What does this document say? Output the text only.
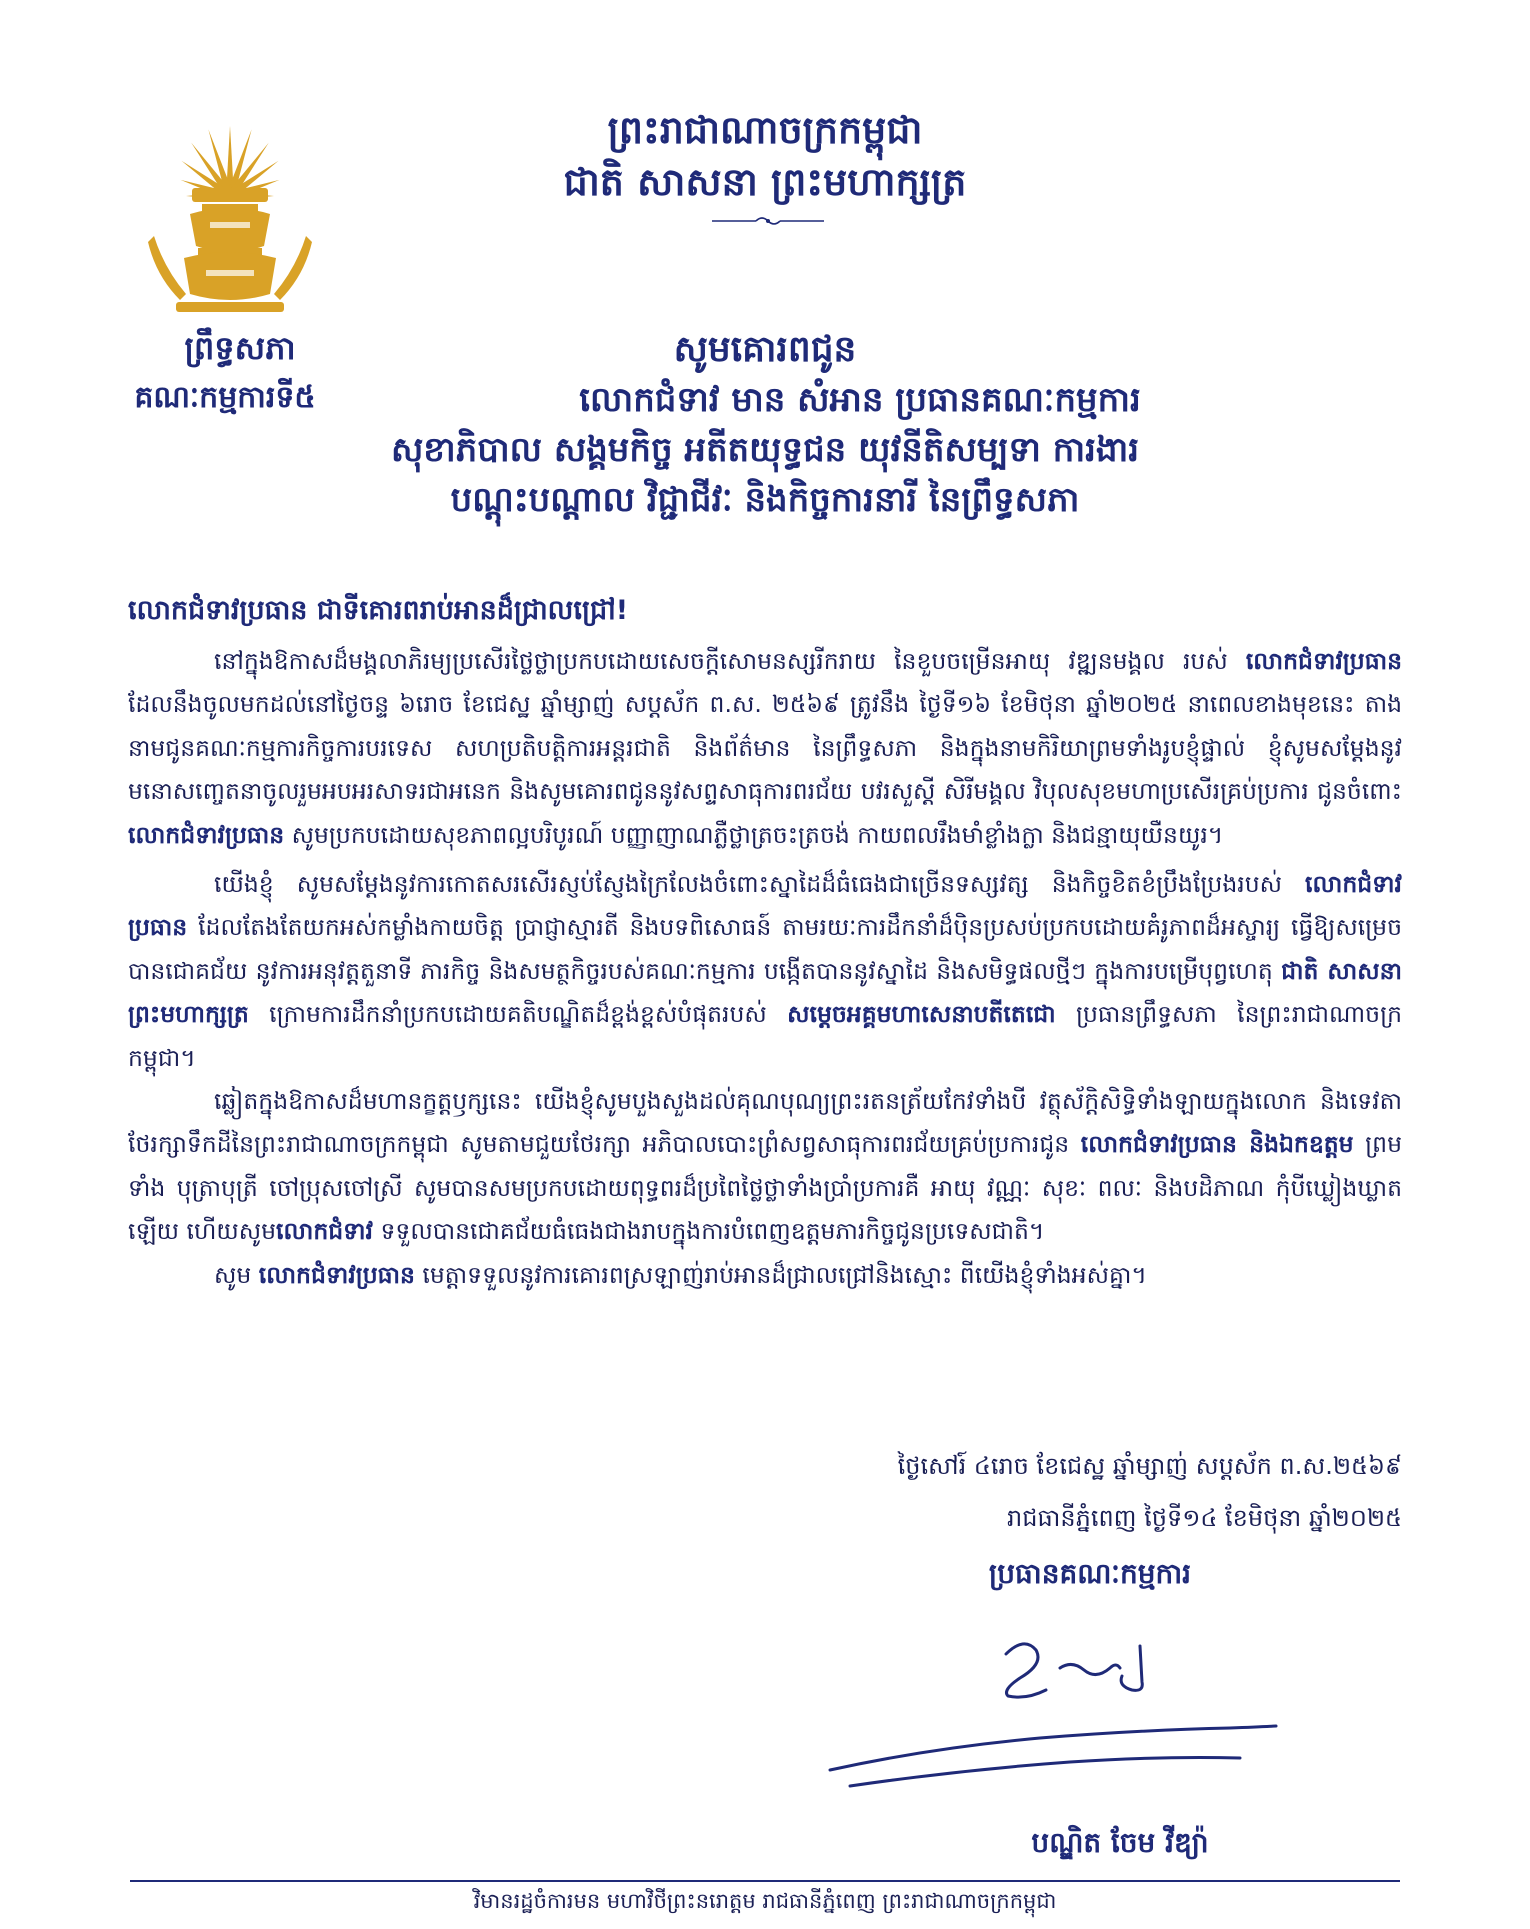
ព្រះរាជាណាចក្រកម្ពុជា
ជាតិ សាសនា ព្រះមហាក្សត្រ
ព្រឹទ្ធសភា
គណៈកម្មការទី៥
សូមគោរពជូន
លោកជំទាវ មាន សំអាន ប្រធានគណៈកម្មការ
សុខាភិបាល សង្គមកិច្ច អតីតយុទ្ធជន យុវនីតិសម្បទា ការងារ
បណ្ដុះបណ្ដាល វិជ្ជាជីវៈ និងកិច្ចការនារី នៃព្រឹទ្ធសភា
លោកជំទាវប្រធាន ជាទីគោរពរាប់អានដ៏ជ្រាលជ្រៅ!

នៅក្នុងឱកាសដ៏មង្គលាភិរម្យប្រសើរថ្លៃថ្លាប្រកបដោយសេចក្ដីសោមនស្សរីករាយ នៃខួបចម្រើនអាយុ វឌ្ឍនមង្គល របស់ លោកជំទាវប្រធាន ដែលនឹងចូលមកដល់នៅថ្ងៃចន្ទ ៦រោច ខែជេស្ឋ ឆ្នាំម្សាញ់ សប្តស័ក ព.ស. ២៥៦៩ ត្រូវនឹង ថ្ងៃទី១៦ ខែមិថុនា ឆ្នាំ២០២៥ នាពេលខាងមុខនេះ តាងនាមជូនគណៈកម្មការកិច្ចការបរទេស សហប្រតិបត្តិការអន្តរជាតិ និងព័ត៌មាន នៃព្រឹទ្ធសភា និងក្នុងនាមកិរិយាព្រមទាំងរូបខ្ញុំផ្ទាល់ ខ្ញុំសូមសម្ដែងនូវមនោសញ្ចេតនាចូលរួមអបអរសាទរជាអនេក និងសូមគោរពជូននូវសព្ទសាធុការពរជ័យ បវរសួស្តី សិរីមង្គល វិបុលសុខមហាប្រសើរគ្រប់ប្រការ ជូនចំពោះ លោកជំទាវប្រធាន សូមប្រកបដោយសុខភាពល្អបរិបូរណ៍ បញ្ញាញាណភ្លឺថ្លាត្រចះត្រចង់ កាយពលរឹងមាំខ្លាំងក្លា និងជន្មាយុយឺនយូរ។

យើងខ្ញុំ សូមសម្ដែងនូវការកោតសរសើរស្ញប់ស្ញែងក្រៃលែងចំពោះស្នាដៃដ៏ធំធេងជាច្រើនទស្សវត្ស និងកិច្ចខិតខំប្រឹងប្រែងរបស់ លោកជំទាវប្រធាន ដែលតែងតែយកអស់កម្លាំងកាយចិត្ត ប្រាជ្ញាស្មារតី និងបទពិសោធន៍ តាមរយៈការដឹកនាំដ៏ប៉ិនប្រសប់ប្រកបដោយគំរូភាពដ៏អស្ចារ្យ ធ្វើឱ្យសម្រេចបានជោគជ័យ នូវការអនុវត្តតួនាទី ភារកិច្ច និងសមត្ថកិច្ចរបស់គណៈកម្មការ បង្កើតបាននូវស្នាដៃ និងសមិទ្ធផលថ្មីៗ ក្នុងការបម្រើបុព្វហេតុ ជាតិ សាសនា ព្រះមហាក្សត្រ ក្រោមការដឹកនាំប្រកបដោយគតិបណ្ឌិតដ៏ខ្ពង់ខ្ពស់បំផុតរបស់ សម្ដេចអគ្គមហាសេនាបតីតេជោ ប្រធានព្រឹទ្ធសភា នៃព្រះរាជាណាចក្រកម្ពុជា។

ឆ្លៀតក្នុងឱកាសដ៏មហានក្ខត្តឫក្សនេះ យើងខ្ញុំសូមបួងសួងដល់គុណបុណ្យព្រះរតនត្រ័យកែវទាំងបី វត្ថុស័ក្តិសិទ្ធិទាំងឡាយក្នុងលោក និងទេវតាថែរក្សាទឹកដីនៃព្រះរាជាណាចក្រកម្ពុជា សូមតាមជួយថែរក្សា អភិបាលបោះព្រំសព្វសាធុការពរជ័យគ្រប់ប្រការជូន លោកជំទាវប្រធាន និងឯកឧត្តម ព្រមទាំង បុត្រាបុត្រី ចៅប្រុសចៅស្រី សូមបានសមប្រកបដោយពុទ្ធពរដ៏ប្រពៃថ្លៃថ្លាទាំងប្រាំប្រការគឺ អាយុ វណ្ណៈ សុខៈ ពលៈ និងបដិភាណ កុំបីឃ្លៀងឃ្លាតឡើយ ហើយសូមលោកជំទាវ ទទួលបានជោគជ័យធំធេងជាងរាបក្នុងការបំពេញឧត្តមភារកិច្ចជូនប្រទេសជាតិ។

សូម លោកជំទាវប្រធាន មេត្តាទទួលនូវការគោរពស្រឡាញ់រាប់អានដ៏ជ្រាលជ្រៅនិងស្មោះ ពីយើងខ្ញុំទាំងអស់គ្នា។

ថ្ងៃសៅរ៍ ៤រោច ខែជេស្ឋ ឆ្នាំម្សាញ់ សប្តស័ក ព.ស.២៥៦៩
រាជធានីភ្នំពេញ ថ្ងៃទី១៤ ខែមិថុនា ឆ្នាំ២០២៥
ប្រធានគណៈកម្មការ
បណ្ឌិត ចែម វីឌ្យ៉ា
វិមានរដ្ឋចំការមន មហាវិថីព្រះនរោត្តម រាជធានីភ្នំពេញ ព្រះរាជាណាចក្រកម្ពុជា
